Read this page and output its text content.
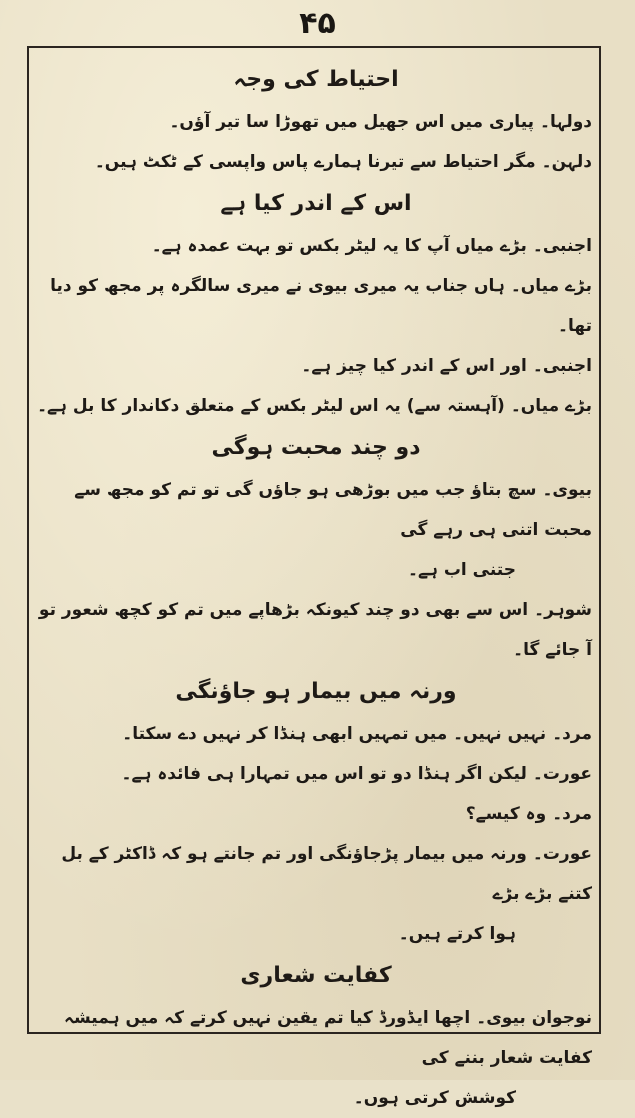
۴۵
احتیاط کی وجہ
دولہا۔پیاری میں اس جھیل میں تھوڑا سا تیر آؤں۔
دلہن۔مگر احتیاط سے تیرنا ہمارے پاس واپسی کے ٹکٹ ہیں۔
اس کے اندر کیا ہے
اجنبی۔بڑے میاں آپ کا یہ لیٹر بکس تو بہت عمدہ ہے۔
بڑے میاں۔ہاں جناب یہ میری بیوی نے میری سالگرہ پر مجھ کو دیا تھا۔
اجنبی۔اور اس کے اندر کیا چیز ہے۔
بڑے میاں۔(آہستہ سے) یہ اس لیٹر بکس کے متعلق دکاندار کا بل ہے۔
دو چند محبت ہوگی
بیوی۔سچ بتاؤ جب میں بوڑھی ہو جاؤں گی تو تم کو مجھ سے محبت اتنی ہی رہے گی
جتنی اب ہے۔
شوہر۔اس سے بھی دو چند کیونکہ بڑھاپے میں تم کو کچھ شعور تو آ جائے گا۔
ورنہ میں بیمار ہو جاؤنگی
مرد۔نہیں نہیں۔ میں تمہیں ابھی ہنڈا کر نہیں دے سکتا۔
عورت۔لیکن اگر ہنڈا دو تو اس میں تمہارا ہی فائدہ ہے۔
مرد۔وہ کیسے؟
عورت۔ورنہ میں بیمار پڑجاؤنگی اور تم جانتے ہو کہ ڈاکٹر کے بل کتنے بڑے بڑے
ہوا کرتے ہیں۔
کفایت شعاری
نوجوان بیوی۔اچھا ایڈورڈ کیا تم یقین نہیں کرتے کہ میں ہمیشہ کفایت شعار بننے کی
کوشش کرتی ہوں۔
